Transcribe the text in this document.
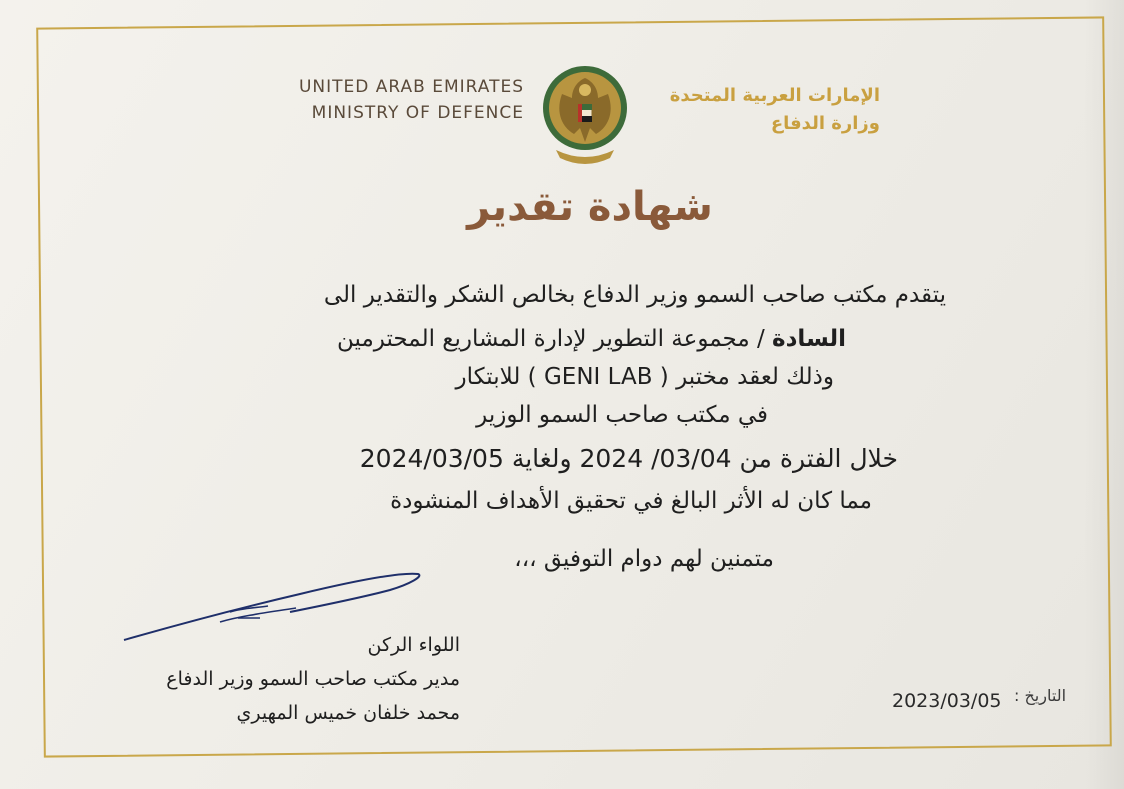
UNITED ARAB EMIRATES
MINISTRY OF DEFENCE
الإمارات العربية المتحدة
وزارة الدفاع
شهادة تقدير
يتقدم مكتب صاحب السمو وزير الدفاع بخالص الشكر والتقدير الى
السادة / مجموعة التطوير لإدارة المشاريع المحترمين
وذلك لعقد مختبر ( GENI LAB ) للابتكار
في مكتب صاحب السمو الوزير
خلال الفترة من 03/04/ 2024 ولغاية 2024/03/05
مما كان له الأثر البالغ في تحقيق الأهداف المنشودة
متمنين لهم دوام التوفيق ،،،
اللواء الركن
مدير مكتب صاحب السمو وزير الدفاع
محمد خلفان خميس المهيري
التاريخ :
2023/03/05
